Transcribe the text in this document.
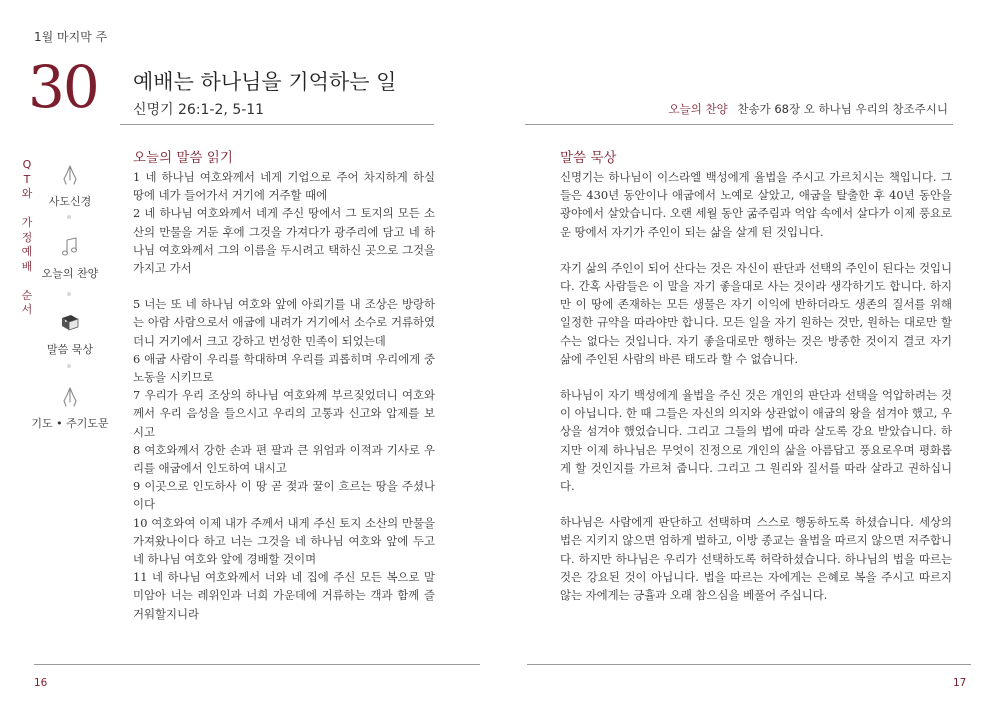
1월 마지막 주
30 예배는 하나님을 기억하는 일
신명기 26:1-2, 5-11	오늘의 찬양 찬송가 68장 오 하나님 우리의 창조주시니
Q
T
와
가
정
예
배
순
서
사도신경
오늘의 찬양
말씀 묵상
기도 • 주기도문
오늘의 말씀 읽기

1 네 하나님 여호와께서 네게 기업으로 주어 차지하게 하실 땅에 네가 들어가서 거기에 거주할 때에

2 네 하나님 여호와께서 네게 주신 땅에서 그 토지의 모든 소산의 만물을 거둔 후에 그것을 가져다가 광주리에 담고 네 하나님 여호와께서 그의 이름을 두시려고 택하신 곳으로 그것을 가지고 가서

5 너는 또 네 하나님 여호와 앞에 아뢰기를 내 조상은 방랑하는 아람 사람으로서 애굽에 내려가 거기에서 소수로 거류하였더니 거기에서 크고 강하고 번성한 민족이 되었는데

6 애굽 사람이 우리를 학대하며 우리를 괴롭히며 우리에게 중노동을 시키므로

7 우리가 우리 조상의 하나님 여호와께 부르짖었더니 여호와께서 우리 음성을 들으시고 우리의 고통과 신고와 압제를 보시고

8 여호와께서 강한 손과 편 팔과 큰 위엄과 이적과 기사로 우리를 애굽에서 인도하여 내시고

9 이곳으로 인도하사 이 땅 곧 젖과 꿀이 흐르는 땅을 주셨나이다

10 여호와여 이제 내가 주께서 내게 주신 토지 소산의 만물을 가져왔나이다 하고 너는 그것을 네 하나님 여호와 앞에 두고 네 하나님 여호와 앞에 경배할 것이며

11 네 하나님 여호와께서 너와 네 집에 주신 모든 복으로 말미암아 너는 레위인과 너희 가운데에 거류하는 객과 함께 즐거워할지니라

말씀 묵상

신명기는 하나님이 이스라엘 백성에게 율법을 주시고 가르치시는 책입니다. 그들은 430년 동안이나 애굽에서 노예로 살았고, 애굽을 탈출한 후 40년 동안을 광야에서 살았습니다. 오랜 세월 동안 굶주림과 억압 속에서 살다가 이제 풍요로운 땅에서 자기가 주인이 되는 삶을 살게 된 것입니다.

자기 삶의 주인이 되어 산다는 것은 자신이 판단과 선택의 주인이 된다는 것입니다. 간혹 사람들은 이 말을 자기 좋을대로 사는 것이라 생각하기도 합니다. 하지만 이 땅에 존재하는 모든 생물은 자기 이익에 반하더라도 생존의 질서를 위해 일정한 규약을 따라야만 합니다. 모든 일을 자기 원하는 것만, 원하는 대로만 할 수는 없다는 것입니다. 자기 좋을대로만 행하는 것은 방종한 것이지 결코 자기 삶에 주인된 사람의 바른 태도라 할 수 없습니다.

하나님이 자기 백성에게 율법을 주신 것은 개인의 판단과 선택을 억압하려는 것이 아닙니다. 한 때 그들은 자신의 의지와 상관없이 애굽의 왕을 섬겨야 했고, 우상을 섬겨야 했었습니다. 그리고 그들의 법에 따라 살도록 강요 받았습니다. 하지만 이제 하나님은 무엇이 진정으로 개인의 삶을 아름답고 풍요로우며 평화롭게 할 것인지를 가르쳐 줍니다. 그리고 그 원리와 질서를 따라 살라고 권하십니다.

하나님은 사람에게 판단하고 선택하며 스스로 행동하도록 하셨습니다. 세상의 법은 지키지 않으면 엄하게 벌하고, 이방 종교는 율법을 따르지 않으면 저주합니다. 하지만 하나님은 우리가 선택하도록 허락하셨습니다. 하나님의 법을 따르는 것은 강요된 것이 아닙니다. 법을 따르는 자에게는 은혜로 복을 주시고 따르지 않는 자에게는 긍휼과 오래 참으심을 베풀어 주십니다.

16	17
